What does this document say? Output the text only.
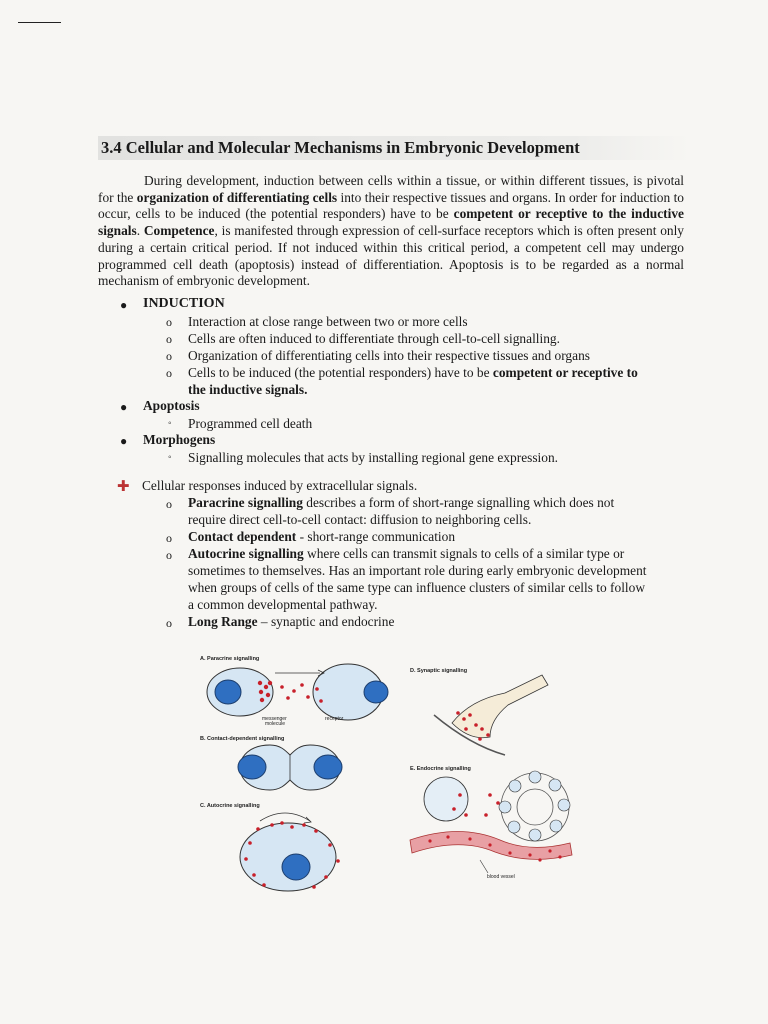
3.4 Cellular and Molecular Mechanisms in Embryonic Development

During development, induction between cells within a tissue, or within different tissues, is pivotal for the organization of differentiating cells into their respective tissues and organs. In order for induction to occur, cells to be induced (the potential responders) have to be competent or receptive to the inductive signals. Competence, is manifested through expression of cell-surface receptors which is often present only during a certain critical period. If not induced within this critical period, a competent cell may undergo programmed cell death (apoptosis) instead of differentiation. Apoptosis is to be regarded as a normal mechanism of embryonic development.

● INDUCTION
o Interaction at close range between two or more cells
o Cells are often induced to differentiate through cell-to-cell signalling.
o Organization of differentiating cells into their respective tissues and organs
o Cells to be induced (the potential responders) have to be competent or receptive to
the inductive signals.
● Apoptosis
◦ Programmed cell death
● Morphogens
◦ Signalling molecules that acts by installing regional gene expression.
✚ Cellular responses induced by extracellular signals.
o Paracrine signalling describes a form of short-range signalling which does not
require direct cell-to-cell contact: diffusion to neighboring cells.
o Contact dependent - short-range communication
o Autocrine signalling where cells can transmit signals to cells of a similar type or
sometimes to themselves. Has an important role during early embryonic development
when groups of cells of the same type can influence clusters of similar cells to follow
a common developmental pathway.
o Long Range – synaptic and endocrine
A. Paracrine signalling
messenger
molecule
receptor
B. Contact-dependent signalling
C. Autocrine signalling
D. Synaptic signalling
E. Endocrine signalling
blood vessel
